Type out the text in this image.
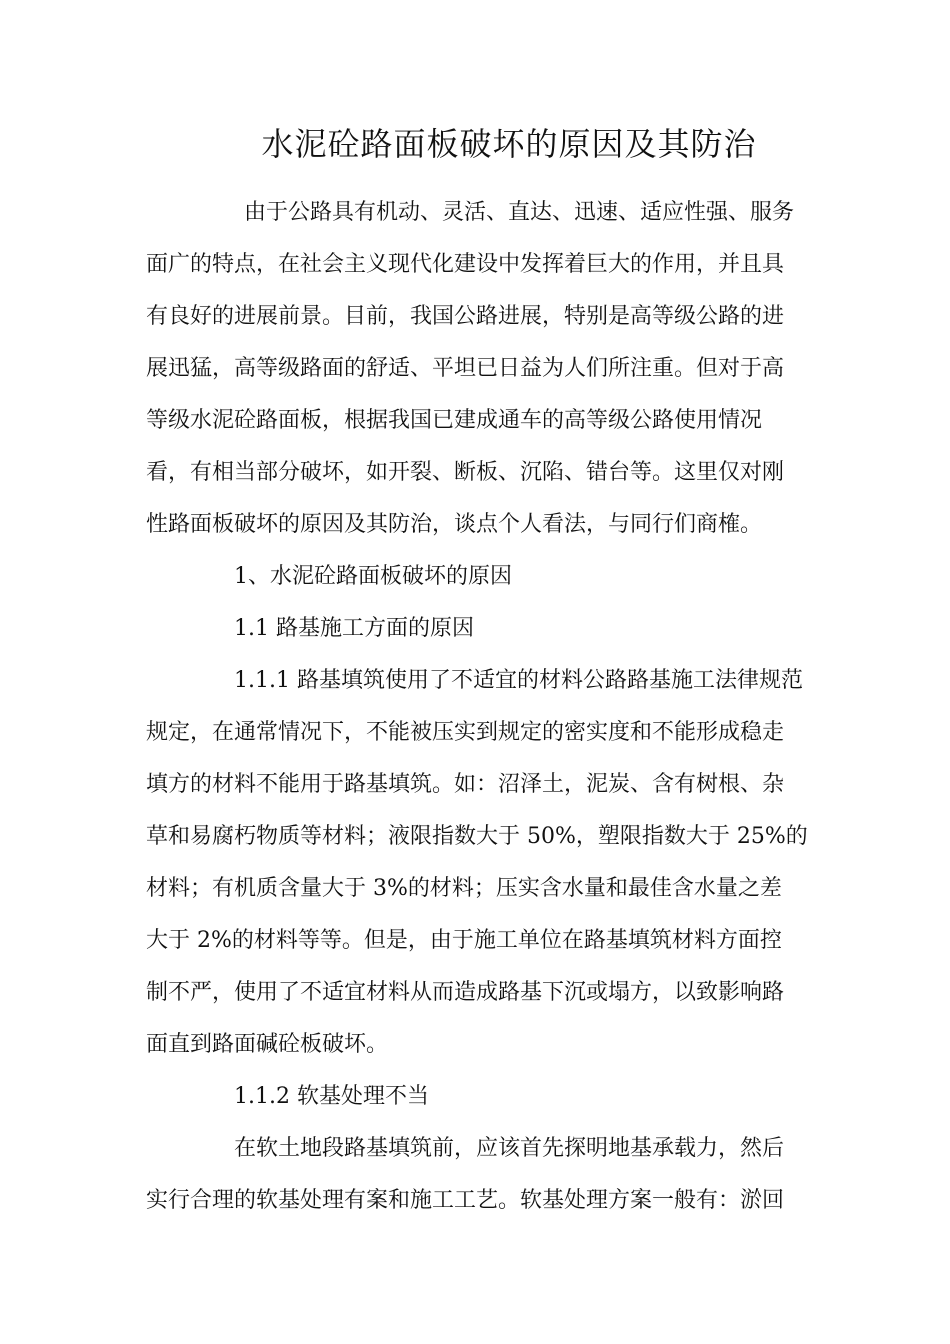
水泥砼路面板破坏的原因及其防治
由于公路具有机动、灵活、直达、迅速、适应性强、服务
面广的特点，在社会主义现代化建设中发挥着巨大的作用，并且具
有良好的进展前景。目前，我国公路进展，特别是高等级公路的进
展迅猛，高等级路面的舒适、平坦已日益为人们所注重。但对于高
等级水泥砼路面板，根据我国已建成通车的高等级公路使用情况
看，有相当部分破坏，如开裂、断板、沉陷、错台等。这里仅对刚
性路面板破坏的原因及其防治，谈点个人看法，与同行们商榷。
1、水泥砼路面板破坏的原因
1.1 路基施工方面的原因
1.1.1 路基填筑使用了不适宜的材料公路路基施工法律规范
规定，在通常情况下，不能被压实到规定的密实度和不能形成稳走
填方的材料不能用于路基填筑。如：沼泽土，泥炭、含有树根、杂
草和易腐朽物质等材料；液限指数大于 50%，塑限指数大于 25%的
材料；有机质含量大于 3%的材料；压实含水量和最佳含水量之差
大于 2%的材料等等。但是，由于施工单位在路基填筑材料方面控
制不严，使用了不适宜材料从而造成路基下沉或塌方，以致影响路
面直到路面碱砼板破坏。
1.1.2 软基处理不当
在软土地段路基填筑前，应该首先探明地基承载力，然后
实行合理的软基处理有案和施工工艺。软基处理方案一般有：淤回
